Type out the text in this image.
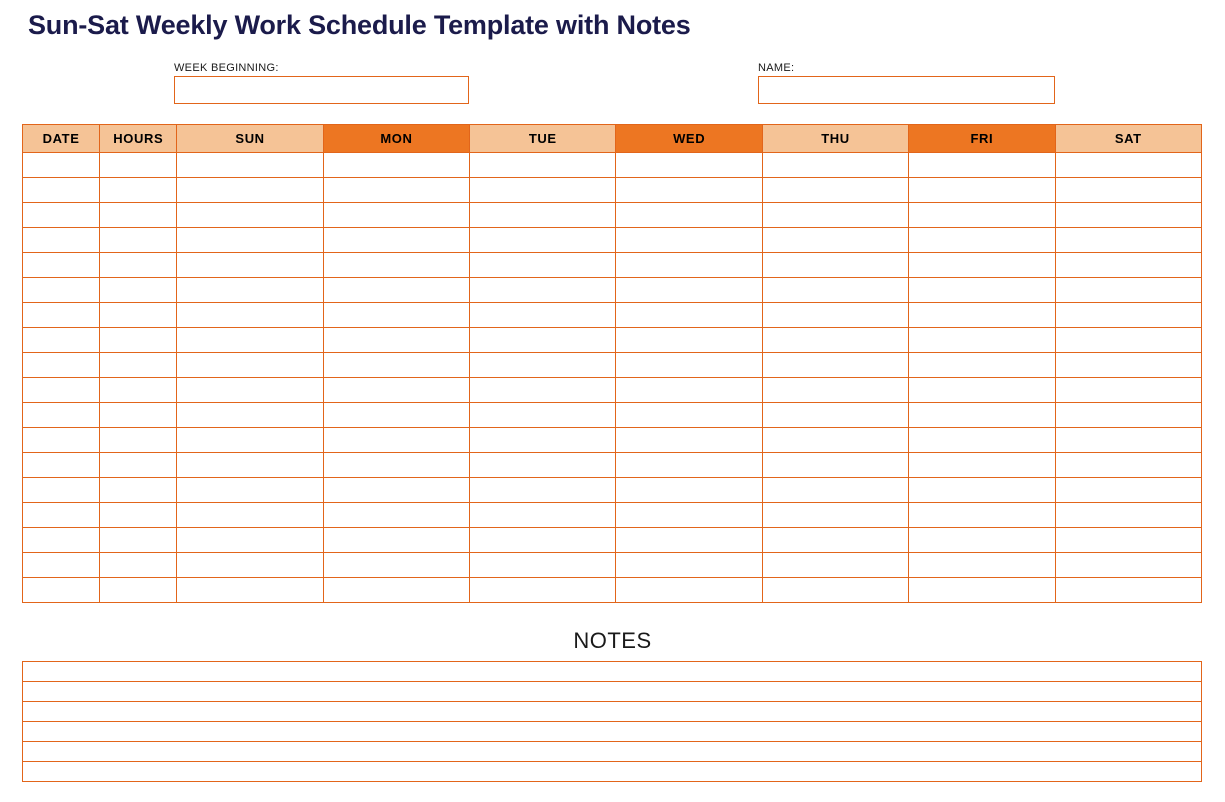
Sun-Sat Weekly Work Schedule Template with Notes
WEEK BEGINNING:	NAME:
DATE	HOURS	SUN	MON	TUE	WED	THU	FRI	SAT

NOTES
